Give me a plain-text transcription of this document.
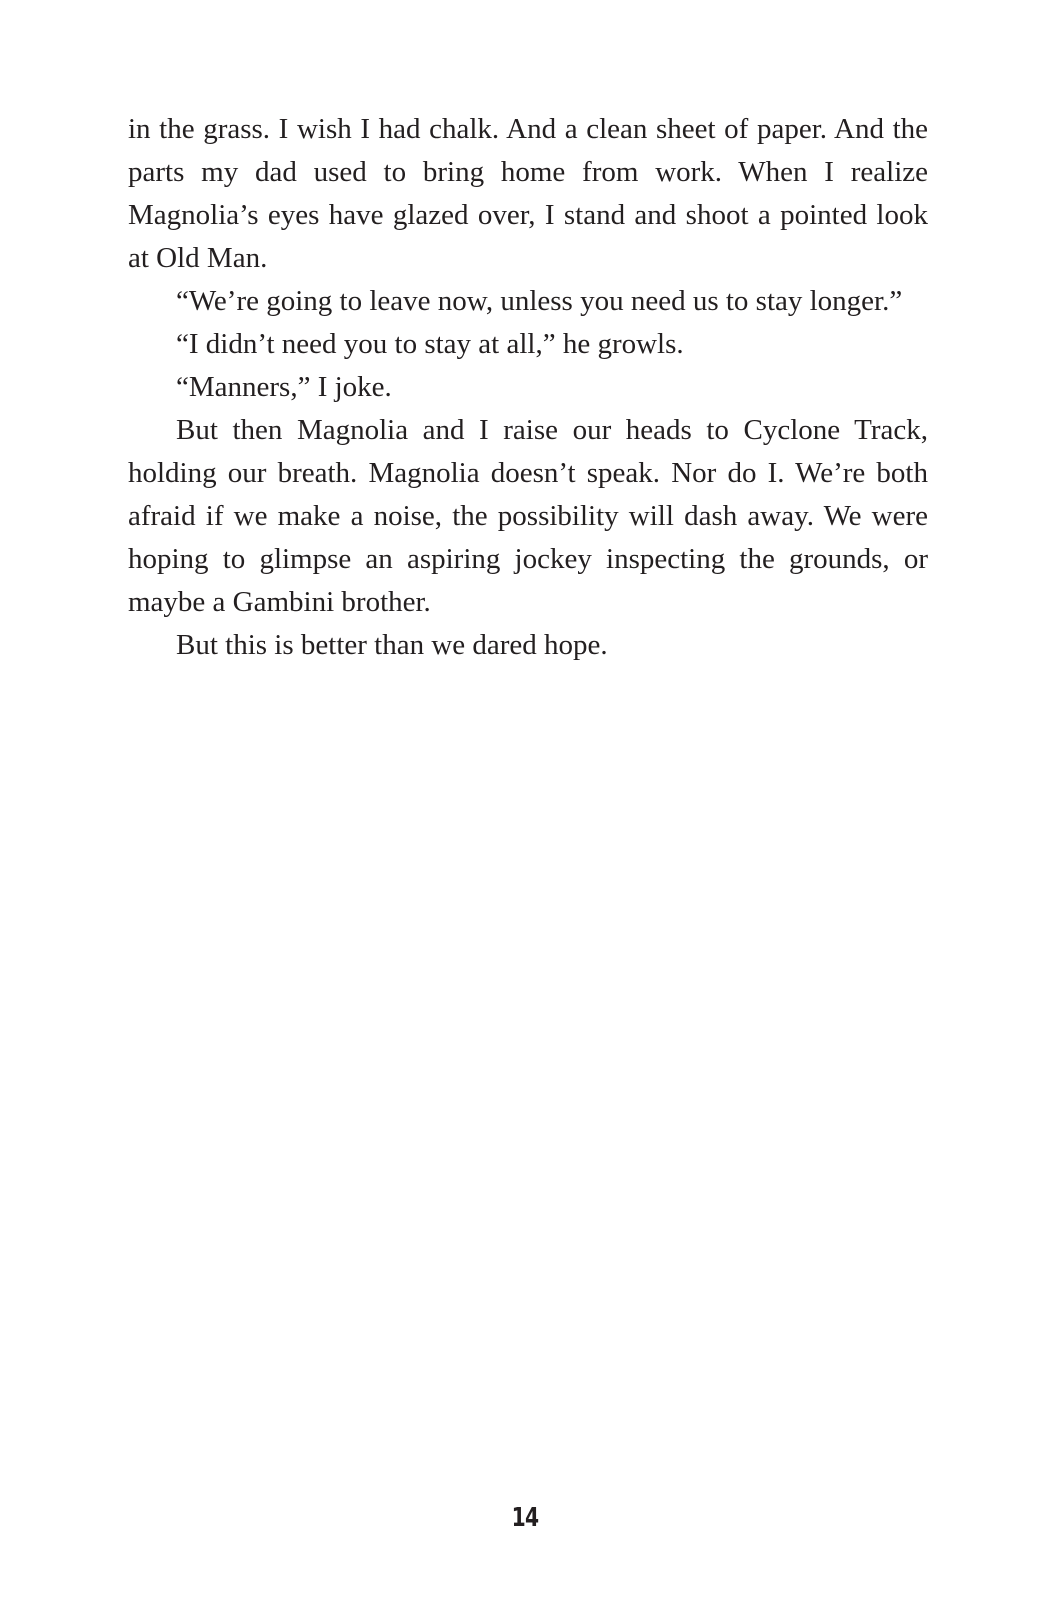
in the grass. I wish I had chalk. And a clean sheet of paper. And the parts my dad used to bring home from work. When I realize Magnolia’s eyes have glazed over, I stand and shoot a pointed look at Old Man.

“We’re going to leave now, unless you need us to stay longer.”

“I didn’t need you to stay at all,” he growls.

“Manners,” I joke.

But then Magnolia and I raise our heads to Cyclone Track, holding our breath. Magnolia doesn’t speak. Nor do I. We’re both afraid if we make a noise, the possibility will dash away. We were hoping to glimpse an aspiring jockey inspecting the grounds, or maybe a Gambini brother.

But this is better than we dared hope.

14
